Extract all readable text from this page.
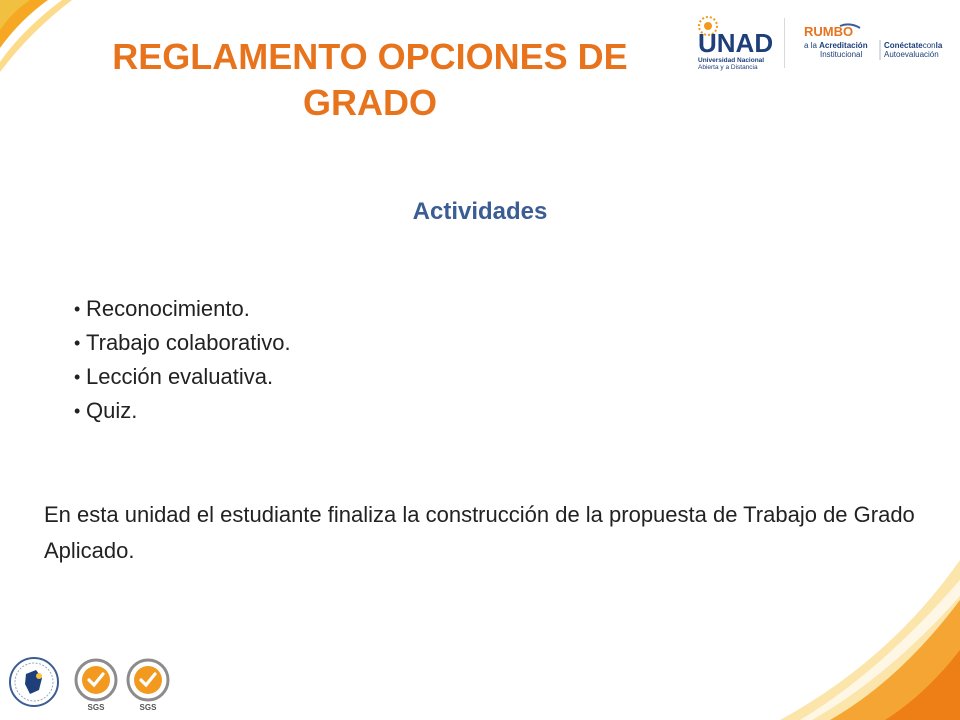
REGLAMENTO OPCIONES DE
GRADO
UNAD
Universidad Nacional
Abierta y a Distancia
RUMBO
a la Acreditación
Institucional
Conéctateconla
Autoevaluación
Actividades
• Reconocimiento.
• Trabajo colaborativo.
• Lección evaluativa.
• Quiz.

En esta unidad el estudiante finaliza la construcción de la propuesta de Trabajo de Grado Aplicado.

SGS	SGS
